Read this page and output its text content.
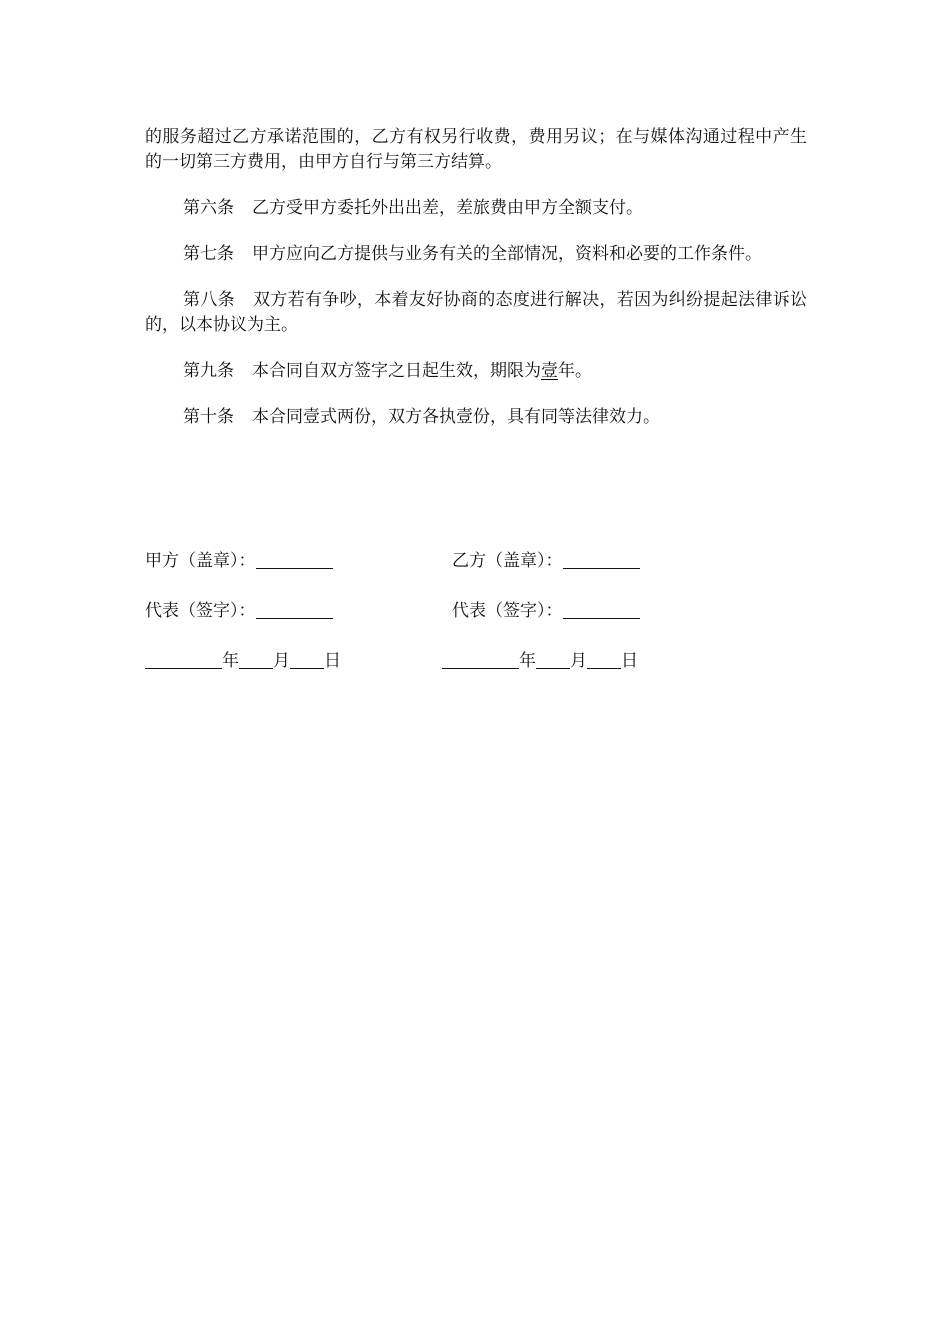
的服务超过乙方承诺范围的，乙方有权另行收费，费用另议；在与媒体沟通过程中产生的一切第三方费用，由甲方自行与第三方结算。

第六条 乙方受甲方委托外出出差，差旅费由甲方全额支付。

第七条 甲方应向乙方提供与业务有关的全部情况，资料和必要的工作条件。

第八条 双方若有争吵，本着友好协商的态度进行解决，若因为纠纷提起法律诉讼的，以本协议为主。

第九条 本合同自双方签字之日起生效，期限为壹年。

第十条 本合同壹式两份，双方各执壹份，具有同等法律效力。

甲方（盖章）：	乙方（盖章）：
代表（签字）：	代表（签字）：
年 月 日	年 月 日
